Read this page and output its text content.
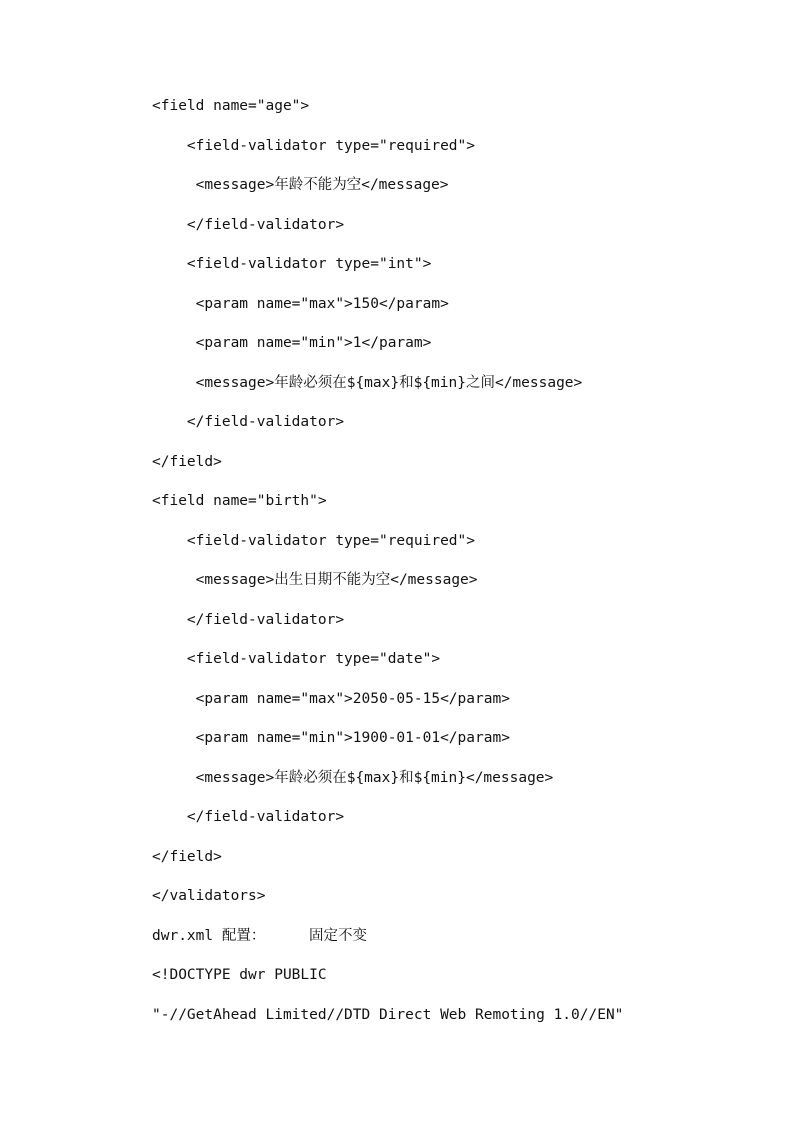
<field name="age">
<field-validator type="required">
<message>年龄不能为空</message>
</field-validator>
<field-validator type="int">
<param name="max">150</param>
<param name="min">1</param>
<message>年龄必须在${max}和${min}之间</message>
</field-validator>
</field>
<field name="birth">
<field-validator type="required">
<message>出生日期不能为空</message>
</field-validator>
<field-validator type="date">
<param name="max">2050-05-15</param>
<param name="min">1900-01-01</param>
<message>年龄必须在${max}和${min}</message>
</field-validator>
</field>
</validators>
dwr.xml 配置：     固定不变
<!DOCTYPE dwr PUBLIC
"-//GetAhead Limited//DTD Direct Web Remoting 1.0//EN"
